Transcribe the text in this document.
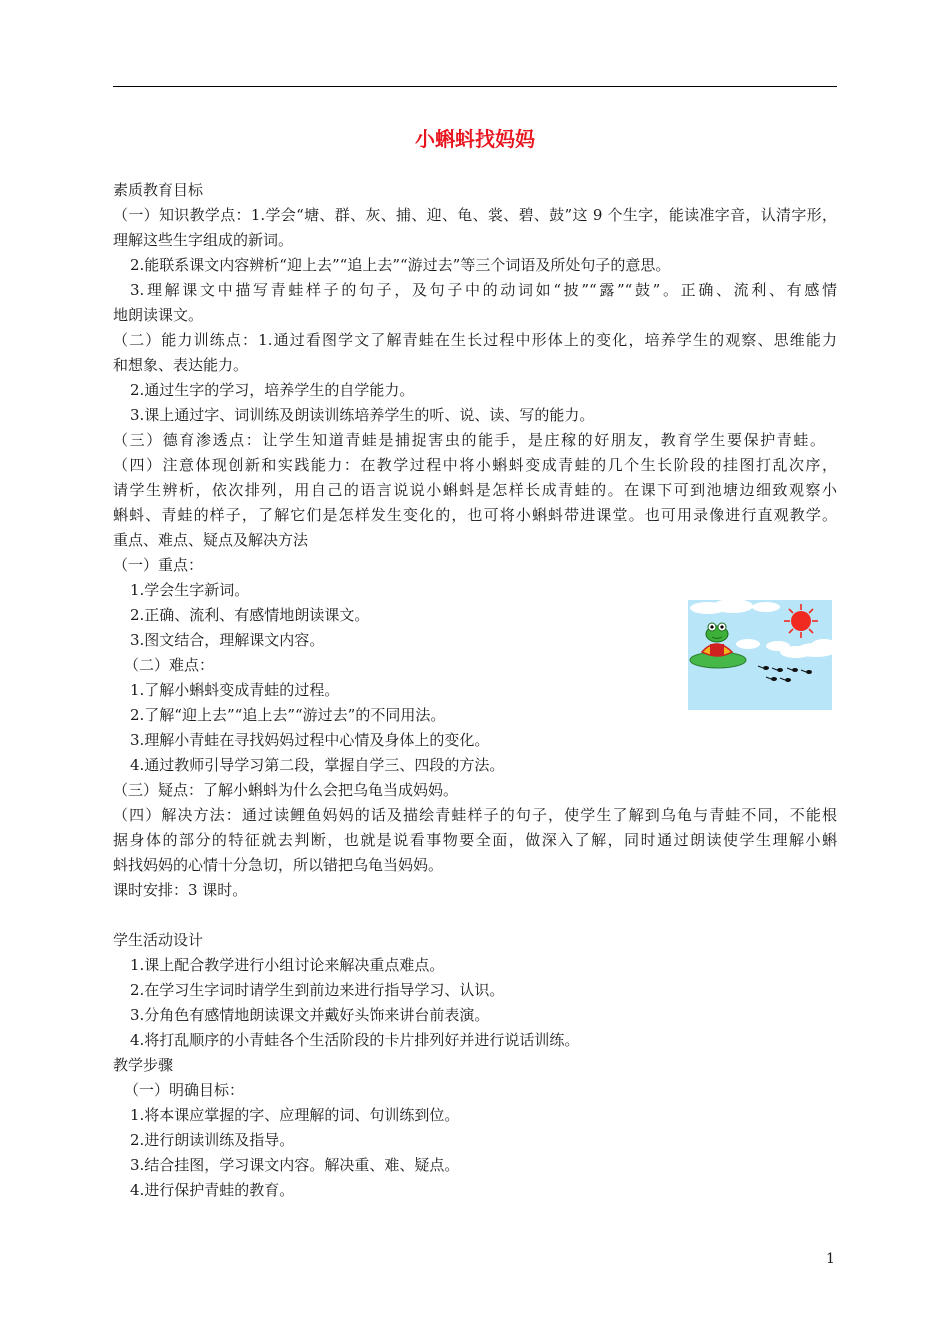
小蝌蚪找妈妈
素质教育目标
（一）知识教学点：1.学会“塘、群、灰、捕、迎、龟、裳、碧、鼓”这 9 个生字，能读准字音，认清字形，
理解这些生字组成的新词。
2.能联系课文内容辨析“迎上去”“追上去”“游过去”等三个词语及所处句子的意思。
3.理解课文中描写青蛙样子的句子，及句子中的动词如“披”“露”“鼓”。正确、流利、有感情
地朗读课文。
（二）能力训练点：1.通过看图学文了解青蛙在生长过程中形体上的变化，培养学生的观察、思维能力
和想象、表达能力。
2.通过生字的学习，培养学生的自学能力。
3.课上通过字、词训练及朗读训练培养学生的听、说、读、写的能力。
（三）德育渗透点：让学生知道青蛙是捕捉害虫的能手，是庄稼的好朋友，教育学生要保护青蛙。
（四）注意体现创新和实践能力：在教学过程中将小蝌蚪变成青蛙的几个生长阶段的挂图打乱次序，
请学生辨析，依次排列，用自己的语言说说小蝌蚪是怎样长成青蛙的。在课下可到池塘边细致观察小
蝌蚪、青蛙的样子，了解它们是怎样发生变化的，也可将小蝌蚪带进课堂。也可用录像进行直观教学。
重点、难点、疑点及解决方法
（一）重点：
1.学会生字新词。
2.正确、流利、有感情地朗读课文。
3.图文结合，理解课文内容。
（二）难点：
1.了解小蝌蚪变成青蛙的过程。
2.了解“迎上去”“追上去”“游过去”的不同用法。
3.理解小青蛙在寻找妈妈过程中心情及身体上的变化。
4.通过教师引导学习第二段，掌握自学三、四段的方法。
（三）疑点：了解小蝌蚪为什么会把乌龟当成妈妈。
（四）解决方法：通过读鲤鱼妈妈的话及描绘青蛙样子的句子，使学生了解到乌龟与青蛙不同，不能根
据身体的部分的特征就去判断，也就是说看事物要全面，做深入了解，同时通过朗读使学生理解小蝌
蚪找妈妈的心情十分急切，所以错把乌龟当妈妈。
课时安排：3 课时。
学生活动设计
1.课上配合教学进行小组讨论来解决重点难点。
2.在学习生字词时请学生到前边来进行指导学习、认识。
3.分角色有感情地朗读课文并戴好头饰来讲台前表演。
4.将打乱顺序的小青蛙各个生活阶段的卡片排列好并进行说话训练。
教学步骤
（一）明确目标：
1.将本课应掌握的字、应理解的词、句训练到位。
2.进行朗读训练及指导。
3.结合挂图，学习课文内容。解决重、难、疑点。
4.进行保护青蛙的教育。
1
